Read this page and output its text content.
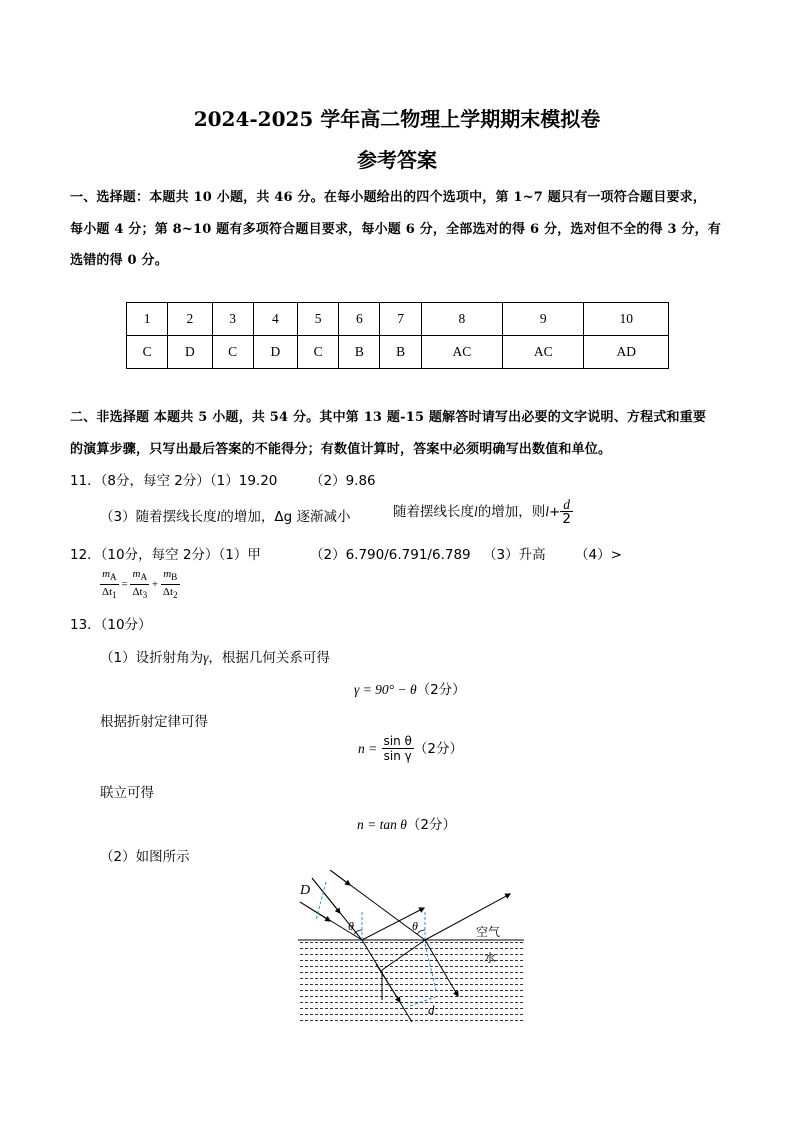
2024-2025 学年高二物理上学期期末模拟卷
参考答案
一、选择题：本题共 10 小题，共 46 分。在每小题给出的四个选项中，第 1~7 题只有一项符合题目要求，
每小题 4 分；第 8~10 题有多项符合题目要求，每小题 6 分，全部选对的得 6 分，选对但不全的得 3 分，有
选错的得 0 分。
1	2	3	4	5	6	7	8	9	10
C	D	C	D	C	B	B	AC	AC	AD
二、非选择题 本题共 5 小题，共 54 分。其中第 13 题-15 题解答时请写出必要的文字说明、方程式和重要
的演算步骤，只写出最后答案的不能得分；有数值计算时，答案中必须明确写出数值和单位。
11．（8分，每空 2分）（1）19.20 （2）9.86
（3）随着摆线长度l的增加，Δg 逐渐减小	随着摆线长度l的增加，则$l+ \frac{d}{2}$
12．（10分，每空 2分）（1）甲	（2）6.790/6.791/6.789 （3）升高 （4）>
$\frac{m_A}{\Delta t_1} = \frac{m_A}{\Delta t_3} + \frac{m_B}{\Delta t_2}$
13．（10分）
（1）设折射角为γ，根据几何关系可得
γ = 90° − θ（2分）
根据折射定律可得
$n = \frac{\text{sin θ}}{\text{sin γ}} (2$分）
联立可得
n = tan θ（2分）
（2）如图所示
D
θ	θ	空气
水
d
